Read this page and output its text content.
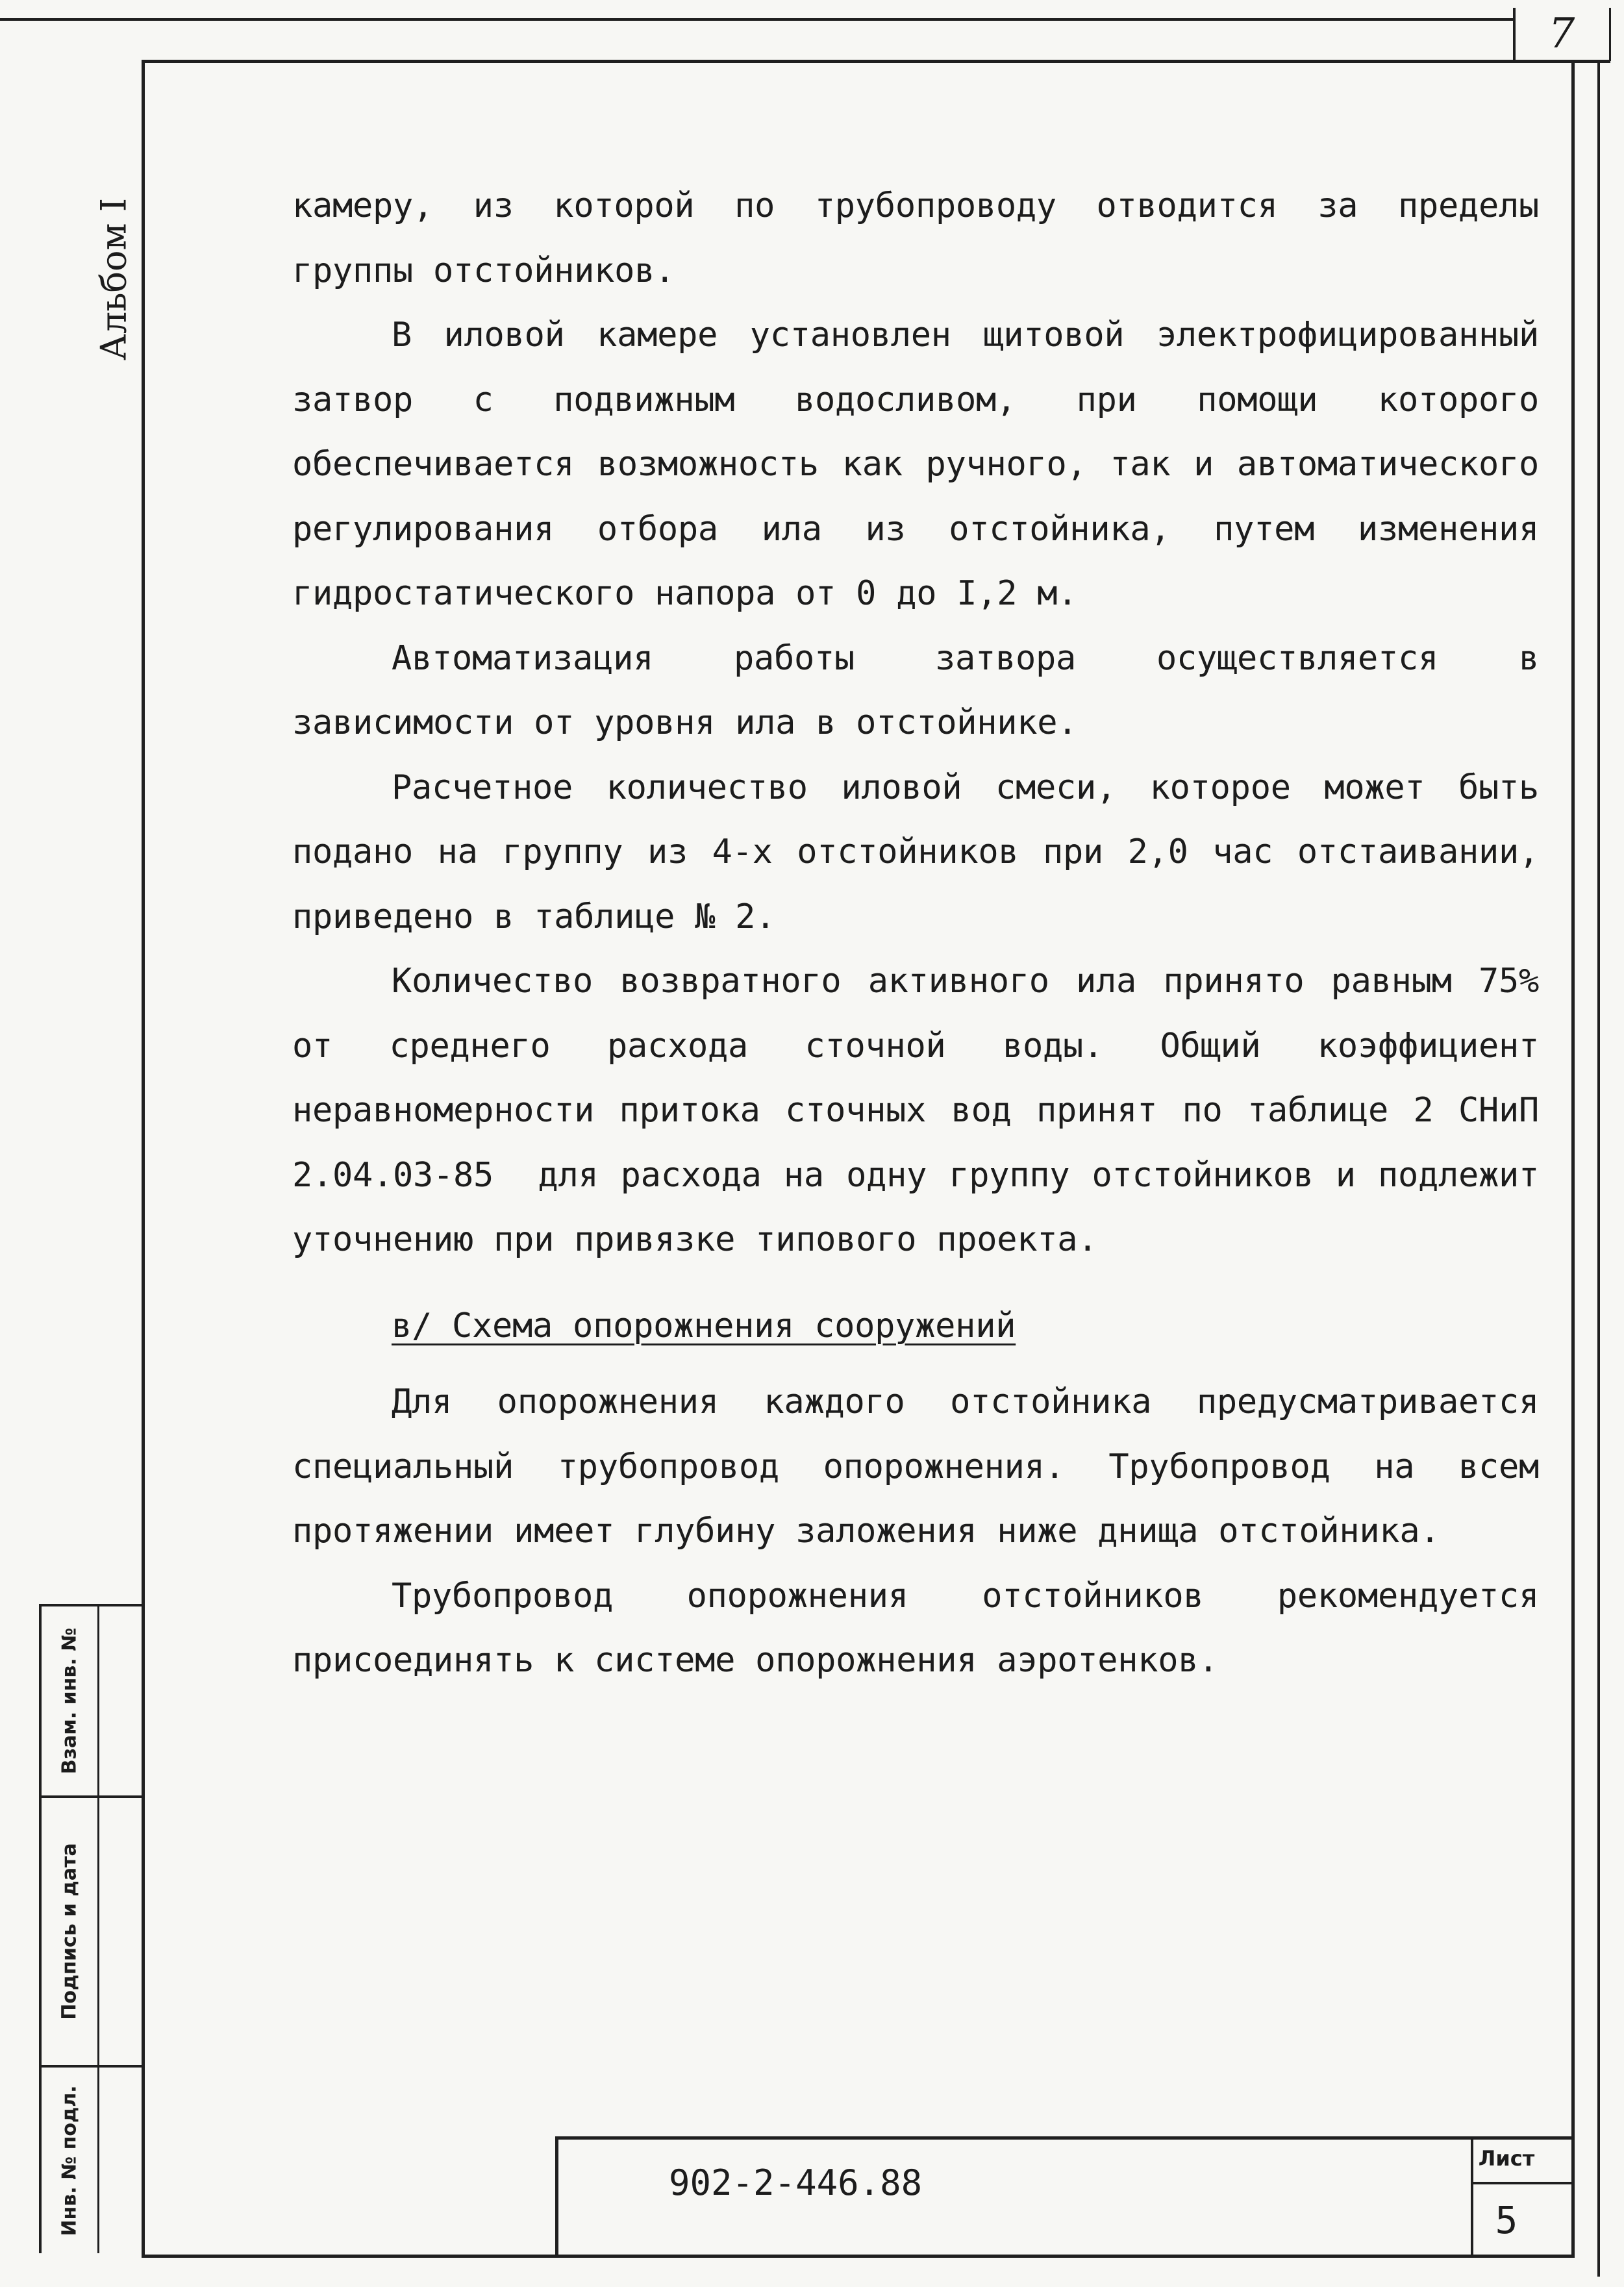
7
Альбом I	камеру, из которой по трубопроводу отводится за пределы группы отстойников.

В иловой камере установлен щитовой электрофицированный затвор с подвижным водосливом, при помощи которого обеспечивается возможность как ручного, так и автоматического регулирования отбора ила из отстойника, путем изменения гидростатического напора от 0 до I,2 м.

Автоматизация работы затвора осуществляется в зависимости от уровня ила в отстойнике.

Расчетное количество иловой смеси, которое может быть подано на группу из 4-х отстойников при 2,0 час отстаивании, приведено в таблице № 2.

Количество возвратного активного ила принято равным 75% от среднего расхода сточной воды. Общий коэффициент неравномерности притока сточных вод принят по таблице 2 СНиП 2.04.03-85  для расхода на одну группу отстойников и подлежит уточнению при привязке типового проекта.

в/ Схема опорожнения сооружений

Для опорожнения каждого отстойника предусматривается специальный трубопровод опорожнения. Трубопровод на всем протяжении имеет глубину заложения ниже днища отстойника.

Трубопровод опорожнения отстойников рекомендуется присоединять к системе опорожнения аэротенков.

Взам. инв. №
Подпись и дата
Инв. № подл.	902-2-446.88
Лист
5
